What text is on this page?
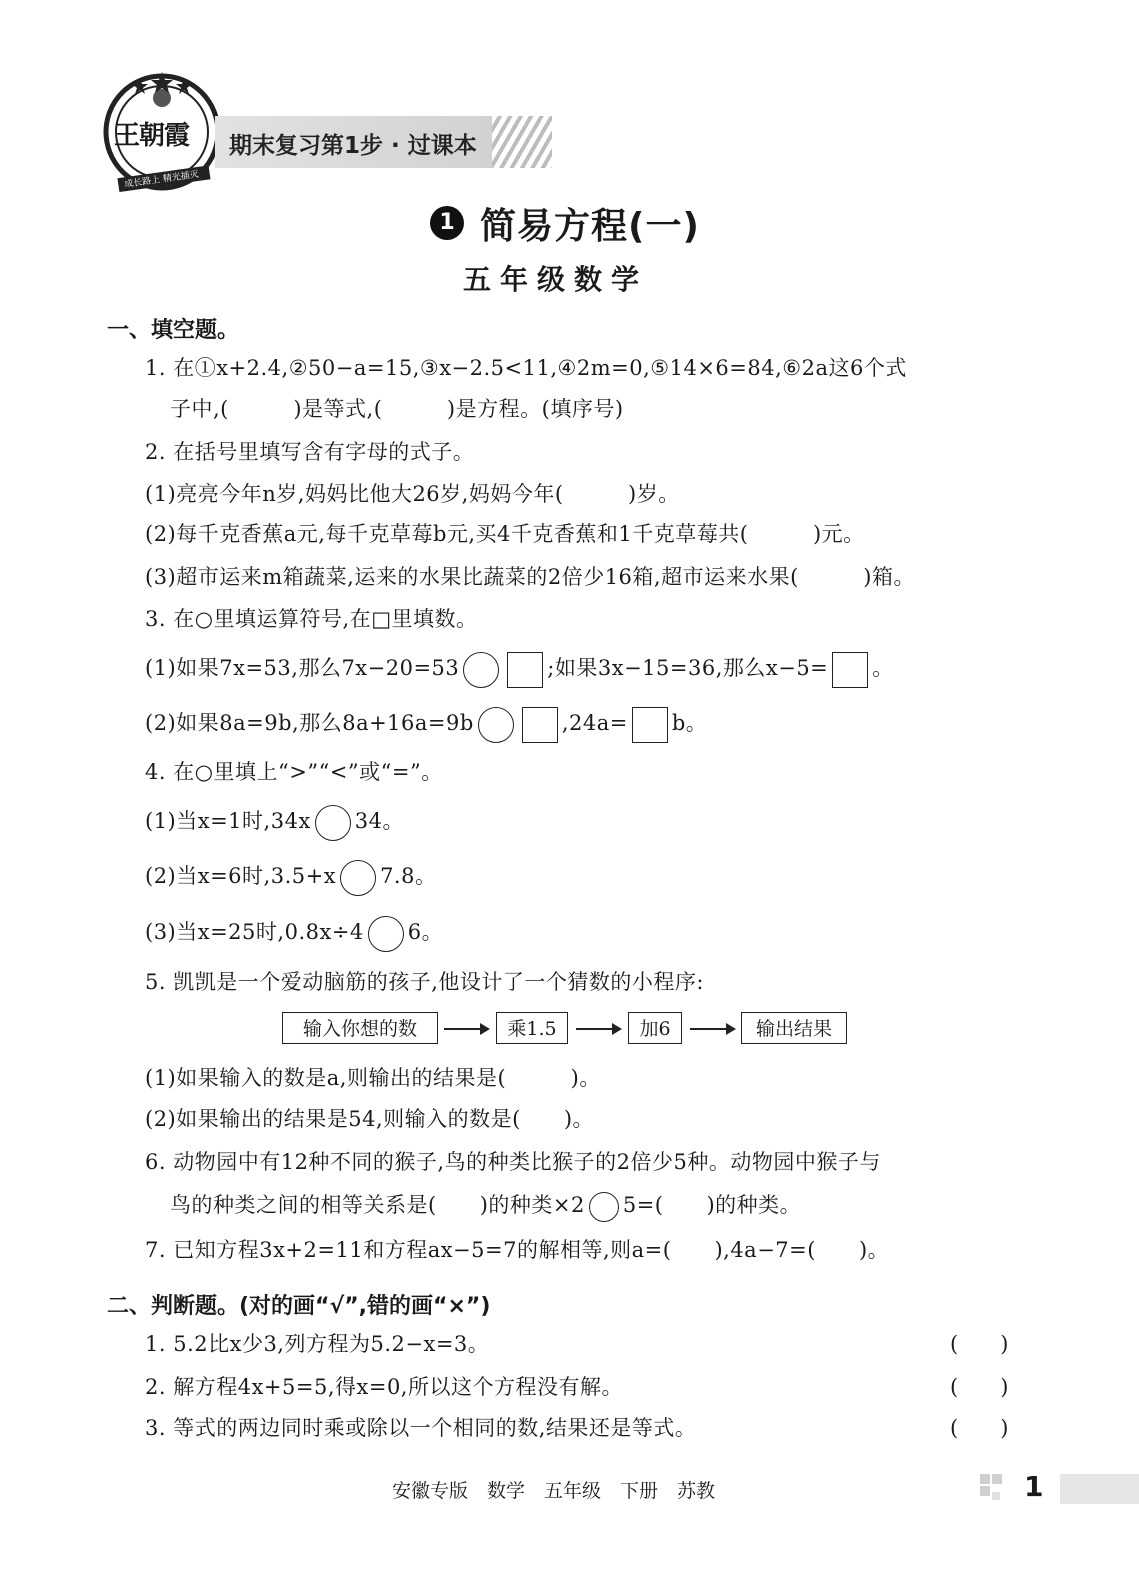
王朝霞
成长路上 精光插灭
期末复习第1步 · 过课本
1 简易方程(一)
五年级数学
一、填空题。
1. 在①x+2.4,②50−a=15,③x−2.5<11,④2m=0,⑤14×6=84,⑥2a这6个式
子中,(　　　)是等式,(　　　)是方程。(填序号)
2. 在括号里填写含有字母的式子。
(1)亮亮今年n岁,妈妈比他大26岁,妈妈今年(　　　)岁。
(2)每千克香蕉a元,每千克草莓b元,买4千克香蕉和1千克草莓共(　　　)元。
(3)超市运来m箱蔬菜,运来的水果比蔬菜的2倍少16箱,超市运来水果(　　　)箱。
3. 在○里填运算符号,在□里填数。
(1)如果7x=53,那么7x−20=53	;如果3x−15=36,那么x−5= 。
(2)如果8a=9b,那么8a+16a=9b	,24a= b。
4. 在○里填上“>”“<”或“=”。
(1)当x=1时,34x 34。
(2)当x=6时,3.5+x 7.8。
(3)当x=25时,0.8x÷4 6。
5. 凯凯是一个爱动脑筋的孩子,他设计了一个猜数的小程序:
输入你想的数	乘1.5	加6	输出结果
(1)如果输入的数是a,则输出的结果是(　　　)。
(2)如果输出的结果是54,则输入的数是(　　)。
6. 动物园中有12种不同的猴子,鸟的种类比猴子的2倍少5种。动物园中猴子与
鸟的种类之间的相等关系是(　　)的种类×2 5=(　　)的种类。
7. 已知方程3x+2=11和方程ax−5=7的解相等,则a=(　　),4a−7=(　　)。
二、判断题。(对的画“√”,错的画“×”)
1. 5.2比x少3,列方程为5.2−x=3。	(　　)
2. 解方程4x+5=5,得x=0,所以这个方程没有解。	(　　)
3. 等式的两边同时乘或除以一个相同的数,结果还是等式。	(　　)
安徽专版　数学　五年级　下册　苏教	1
